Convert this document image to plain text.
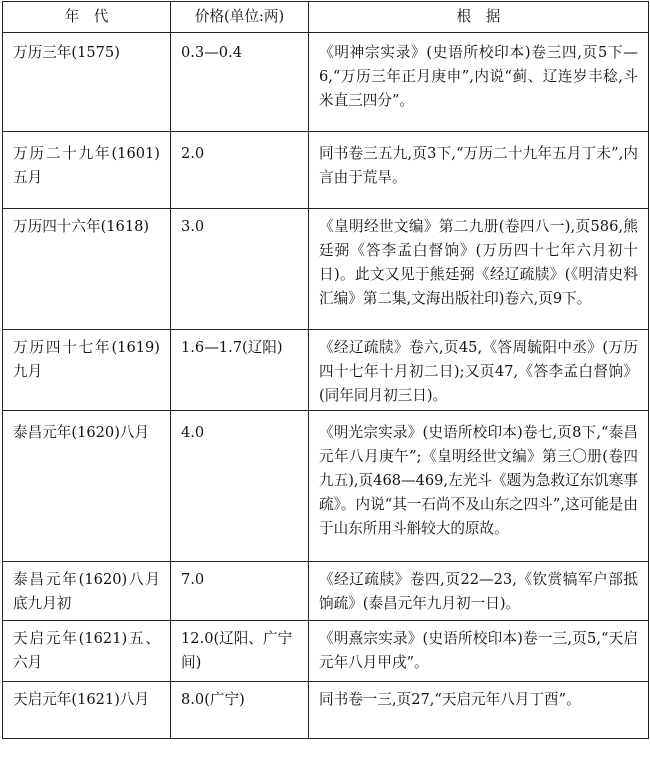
年　代	价格(单位:两)	根　据
万历三年(1575)	0.3—0.4	《明神宗实录》(史语所校印本)卷三四,页5下—6,“万历三年正月庚申”,内说“蓟、辽连岁丰稔,斗米直三四分”。
万历二十九年(1601)五月	2.0	同书卷三五九,页3下,“万历二十九年五月丁未”,内言由于荒旱。
万历四十六年(1618)	3.0	《皇明经世文编》第二九册(卷四八一),页586,熊廷弼《答李孟白督饷》(万历四十七年六月初十日)。此文又见于熊廷弼《经辽疏牍》(《明清史料汇编》第二集,文海出版社印)卷六,页9下。
万历四十七年(1619)九月	1.6—1.7(辽阳)	《经辽疏牍》卷六,页45,《答周毓阳中丞》(万历四十七年十月初二日);又页47,《答李孟白督饷》(同年同月初三日)。
泰昌元年(1620)八月	4.0	《明光宗实录》(史语所校印本)卷七,页8下,“泰昌元年八月庚午”;《皇明经世文编》第三〇册(卷四九五),页468—469,左光斗《题为急救辽东饥寒事疏》。内说“其一石尚不及山东之四斗”,这可能是由于山东所用斗斛较大的原故。
泰昌元年(1620)八月底九月初	7.0	《经辽疏牍》卷四,页22—23,《钦赏犒军户部抵饷疏》(泰昌元年九月初一日)。
天启元年(1621)五、六月	12.0(辽阳、广宁间)	《明熹宗实录》(史语所校印本)卷一三,页5,“天启元年八月甲戌”。
天启元年(1621)八月	8.0(广宁)	同书卷一三,页27,“天启元年八月丁酉”。
